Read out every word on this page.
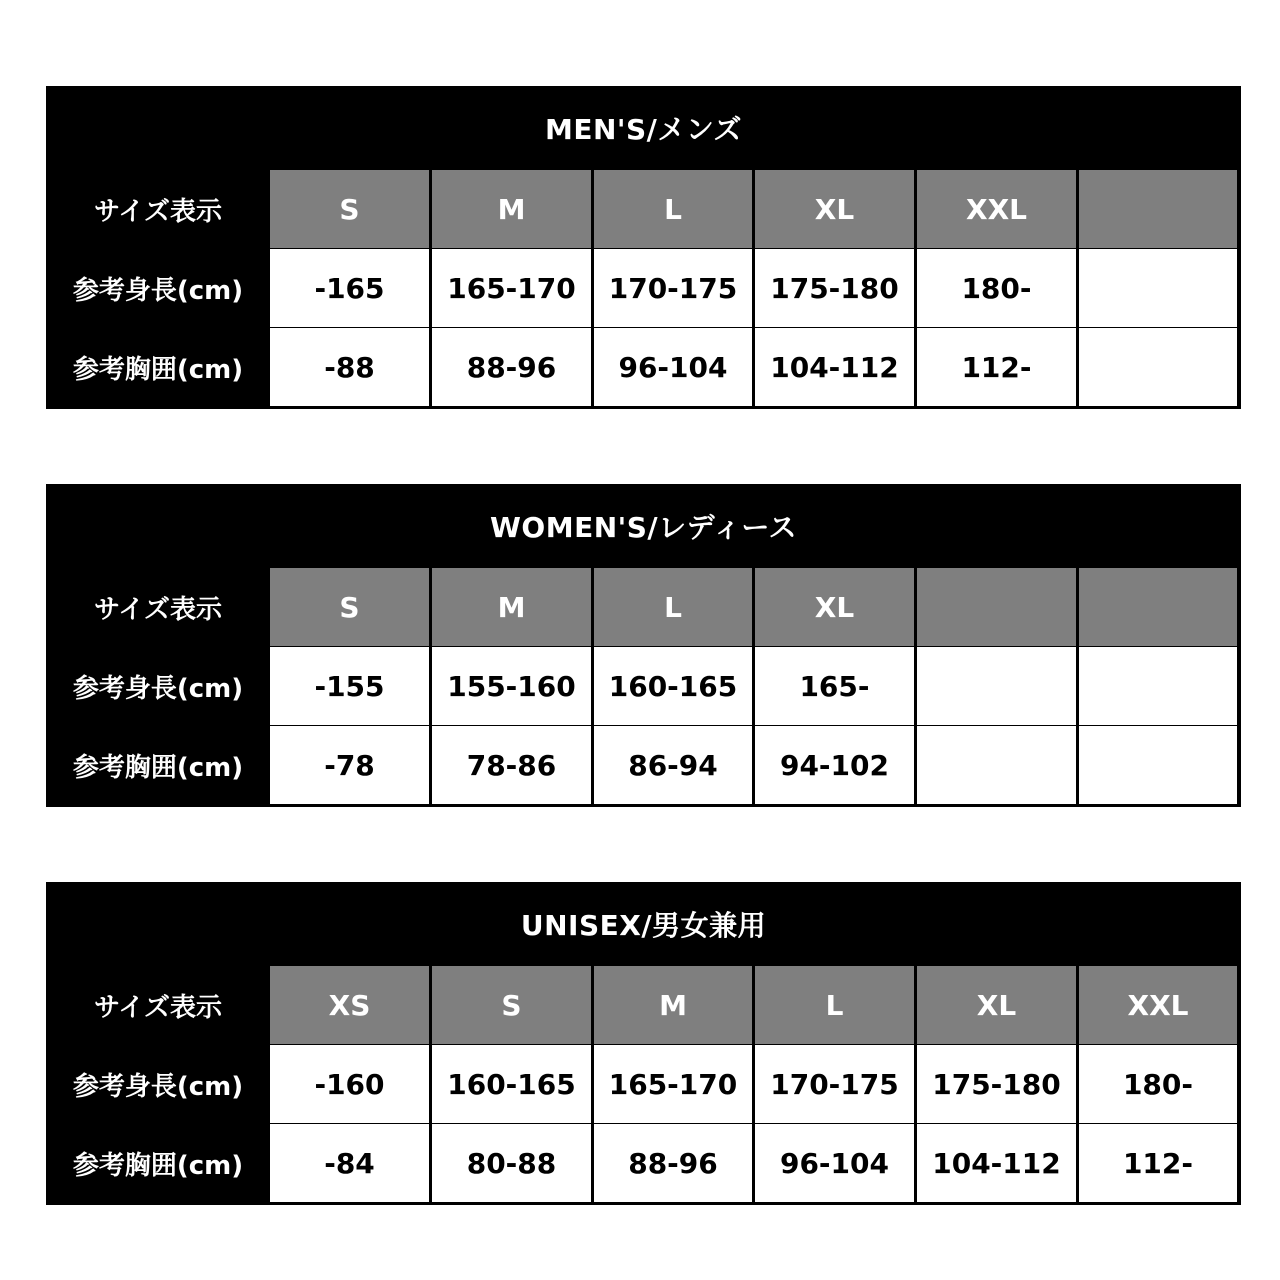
MEN'S/メンズ
サイズ表示	S	M	L	XL	XXL
参考身長(cm)	-165	165-170	170-175	175-180	180-
参考胸囲(cm)	-88	88-96	96-104	104-112	112-
WOMEN'S/レディース
サイズ表示	S	M	L	XL
参考身長(cm)	-155	155-160	160-165	165-
参考胸囲(cm)	-78	78-86	86-94	94-102
UNISEX/男女兼用
サイズ表示	XS	S	M	L	XL	XXL
参考身長(cm)	-160	160-165	165-170	170-175	175-180	180-
参考胸囲(cm)	-84	80-88	88-96	96-104	104-112	112-
